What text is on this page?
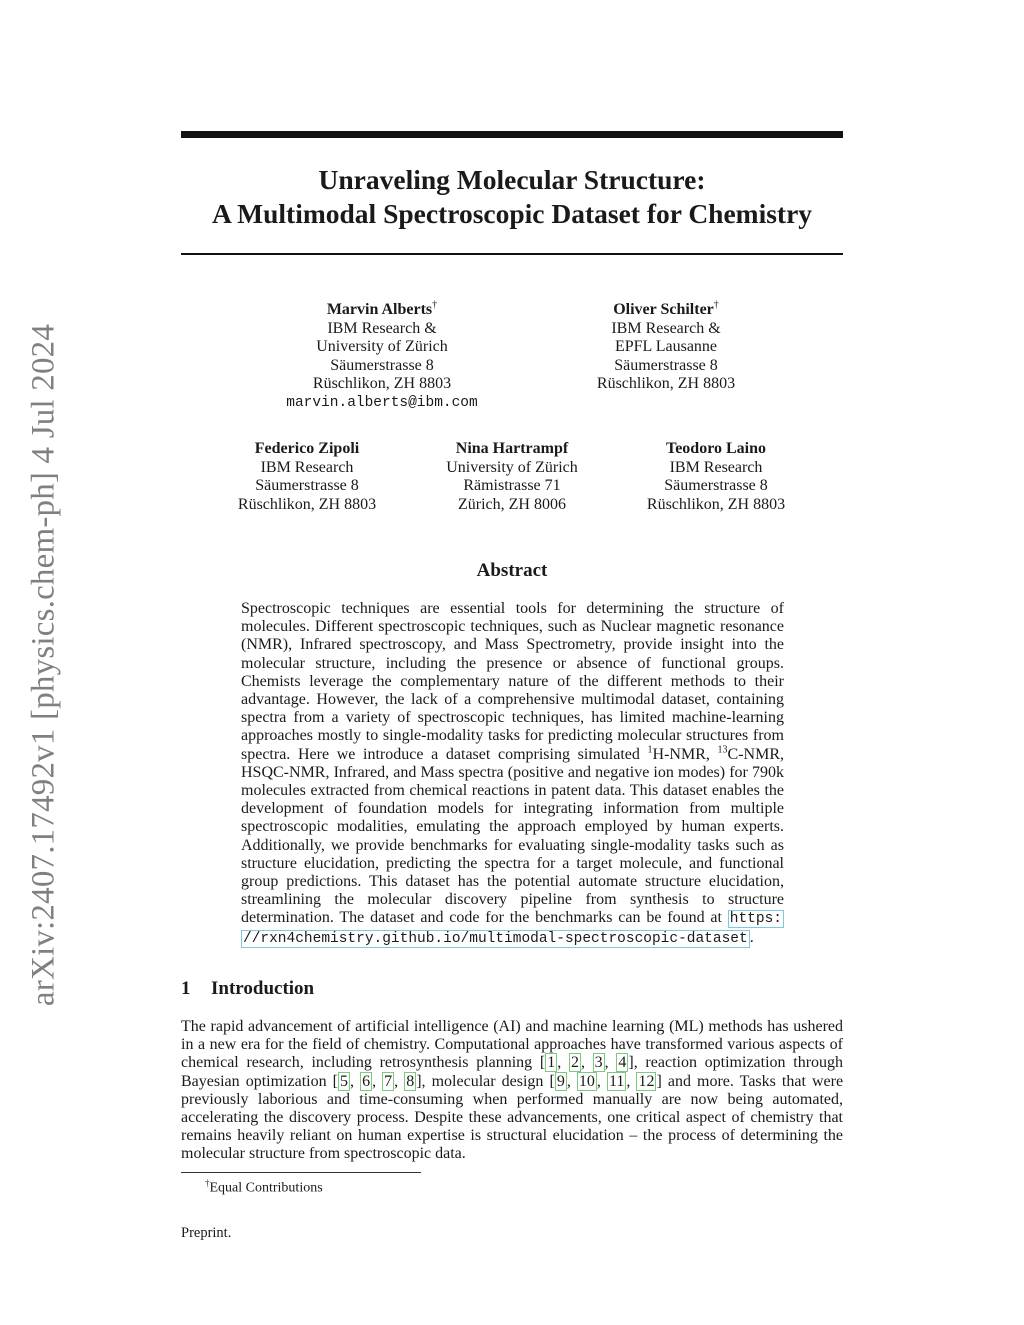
arXiv:2407.17492v1 [physics.chem-ph] 4 Jul 2024
Unraveling Molecular Structure:
A Multimodal Spectroscopic Dataset for Chemistry
Marvin Alberts†
IBM Research &
University of Zürich
Säumerstrasse 8
Rüschlikon, ZH 8803
marvin.alberts@ibm.com
Oliver Schilter†
IBM Research &
EPFL Lausanne
Säumerstrasse 8
Rüschlikon, ZH 8803
Federico Zipoli
IBM Research
Säumerstrasse 8
Rüschlikon, ZH 8803
Nina Hartrampf
University of Zürich
Rämistrasse 71
Zürich, ZH 8006
Teodoro Laino
IBM Research
Säumerstrasse 8
Rüschlikon, ZH 8803
Abstract
Spectroscopic techniques are essential tools for determining the structure of molecules. Different spectroscopic techniques, such as Nuclear magnetic resonance (NMR), Infrared spectroscopy, and Mass Spectrometry, provide insight into the molecular structure, including the presence or absence of functional groups. Chemists leverage the complementary nature of the different methods to their advantage. However, the lack of a comprehensive multimodal dataset, containing spectra from a variety of spectroscopic techniques, has limited machine-learning approaches mostly to single-modality tasks for predicting molecular structures from spectra. Here we introduce a dataset comprising simulated $^1$H-NMR, $^{13}$C-NMR, HSQC-NMR, Infrared, and Mass spectra (positive and negative ion modes) for 790k molecules extracted from chemical reactions in patent data. This dataset enables the development of foundation models for integrating information from multiple spectroscopic modalities, emulating the approach employed by human experts. Additionally, we provide benchmarks for evaluating single-modality tasks such as structure elucidation, predicting the spectra for a target molecule, and functional group predictions. This dataset has the potential automate structure elucidation, streamlining the molecular discovery pipeline from synthesis to structure determination. The dataset and code for the benchmarks can be found at https: //rxn4chemistry.github.io/multimodal-spectroscopic-dataset .
1 Introduction
The rapid advancement of artificial intelligence (AI) and machine learning (ML) methods has ushered in a new era for the field of chemistry. Computational approaches have transformed various aspects of chemical research, including retrosynthesis planning [ 1 , 2 , 3 , 4 ], reaction optimization through Bayesian optimization [ 5 , 6 , 7 , 8 ], molecular design [ 9 , 10 , 11 , 12 ] and more. Tasks that were previously laborious and time-consuming when performed manually are now being automated, accelerating the discovery process. Despite these advancements, one critical aspect of chemistry that remains heavily reliant on human expertise is structural elucidation – the process of determining the molecular structure from spectroscopic data.
†Equal Contributions
Preprint.
